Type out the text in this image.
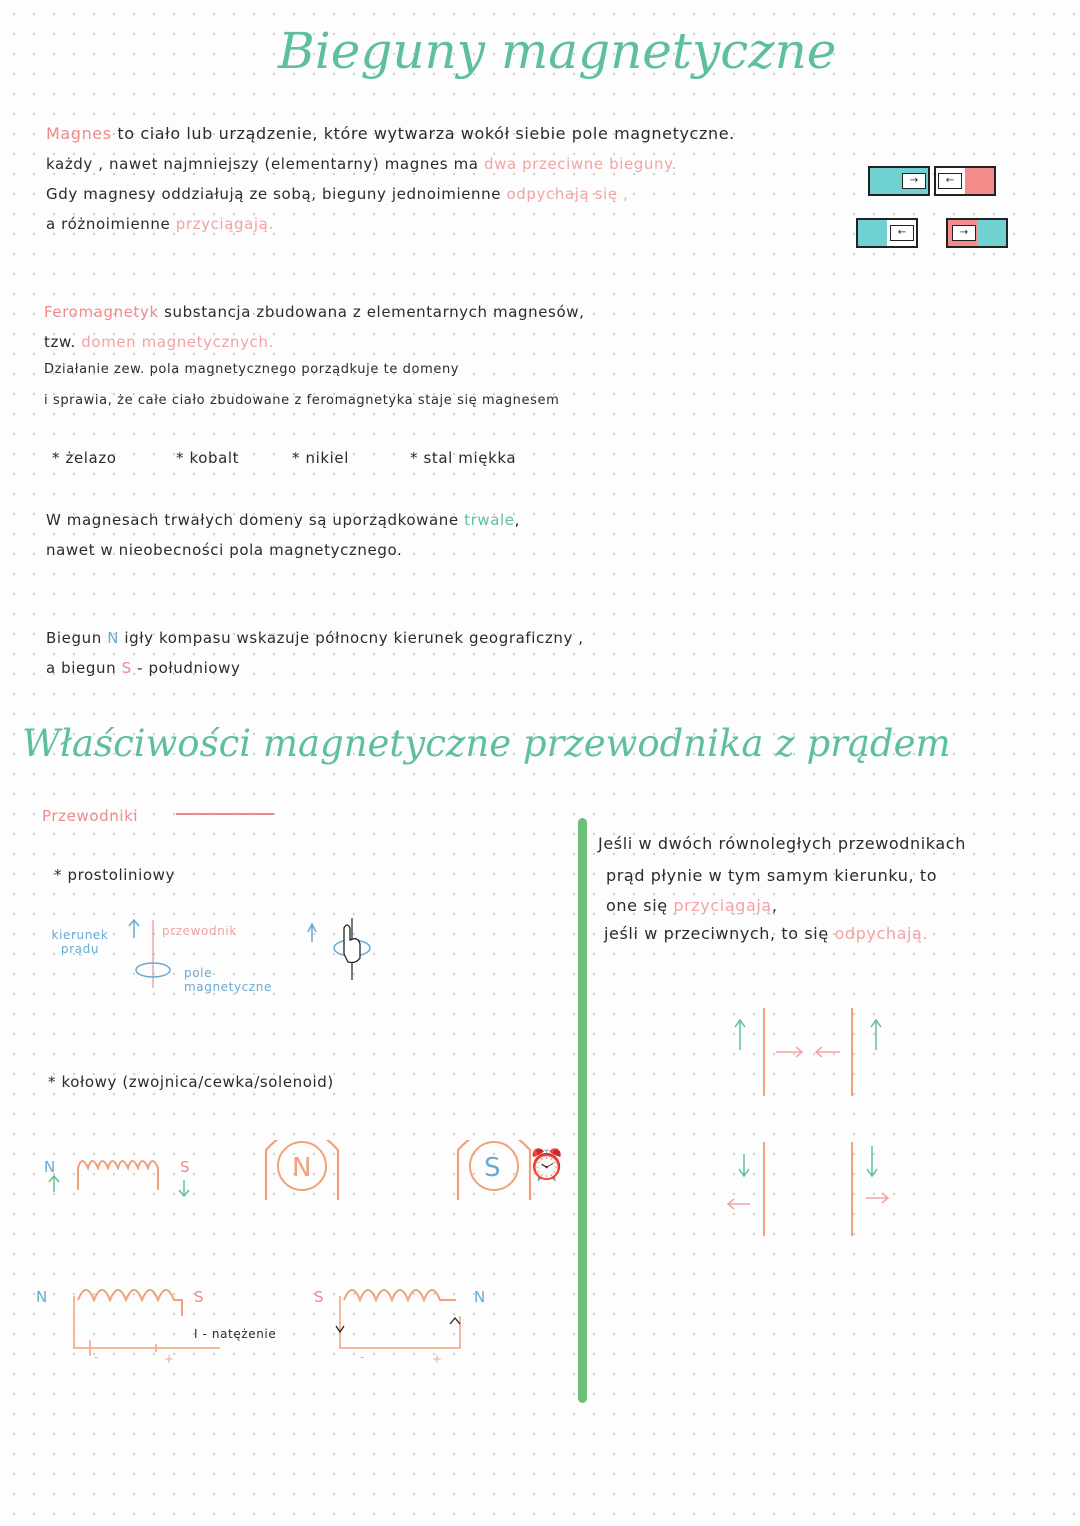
Bieguny magnetyczne
Magnes to ciało lub urządzenie, które wytwarza wokół siebie pole magnetyczne.
każdy , nawet najmniejszy (elementarny) magnes ma dwa przeciwne bieguny.
Gdy magnesy oddziałują ze sobą, bieguny jednoimienne odpychają się ,
a różnoimienne przyciągają.
→	←
←	→
Feromagnetyk substancja zbudowana z elementarnych magnesów,
tzw. domen magnetycznych.
Działanie zew. pola magnetycznego porządkuje te domeny
i sprawia, że całe ciało zbudowane z feromagnetyka staje się magnesem
* żelazo	* kobalt	* nikiel	* stal miękka
W magnesach trwałych domeny są uporządkowane trwale,
nawet w nieobecności pola magnetycznego.
Biegun N igły kompasu wskazuje północny kierunek geograficzny ,
a biegun S - południowy
Właściwości magnetyczne przewodnika z prądem
Przewodniki
* prostoliniowy
kierunek prądu
przewodnik
pole magnetyczne
* kołowy (zwojnica/cewka/solenoid)
N	S	N	S ⏰
N	S	S	N
I - natężenie
-	+	-	+
Jeśli w dwóch równoległych przewodnikach
prąd płynie w tym samym kierunku, to
one się przyciągają,
jeśli w przeciwnych, to się odpychają.
